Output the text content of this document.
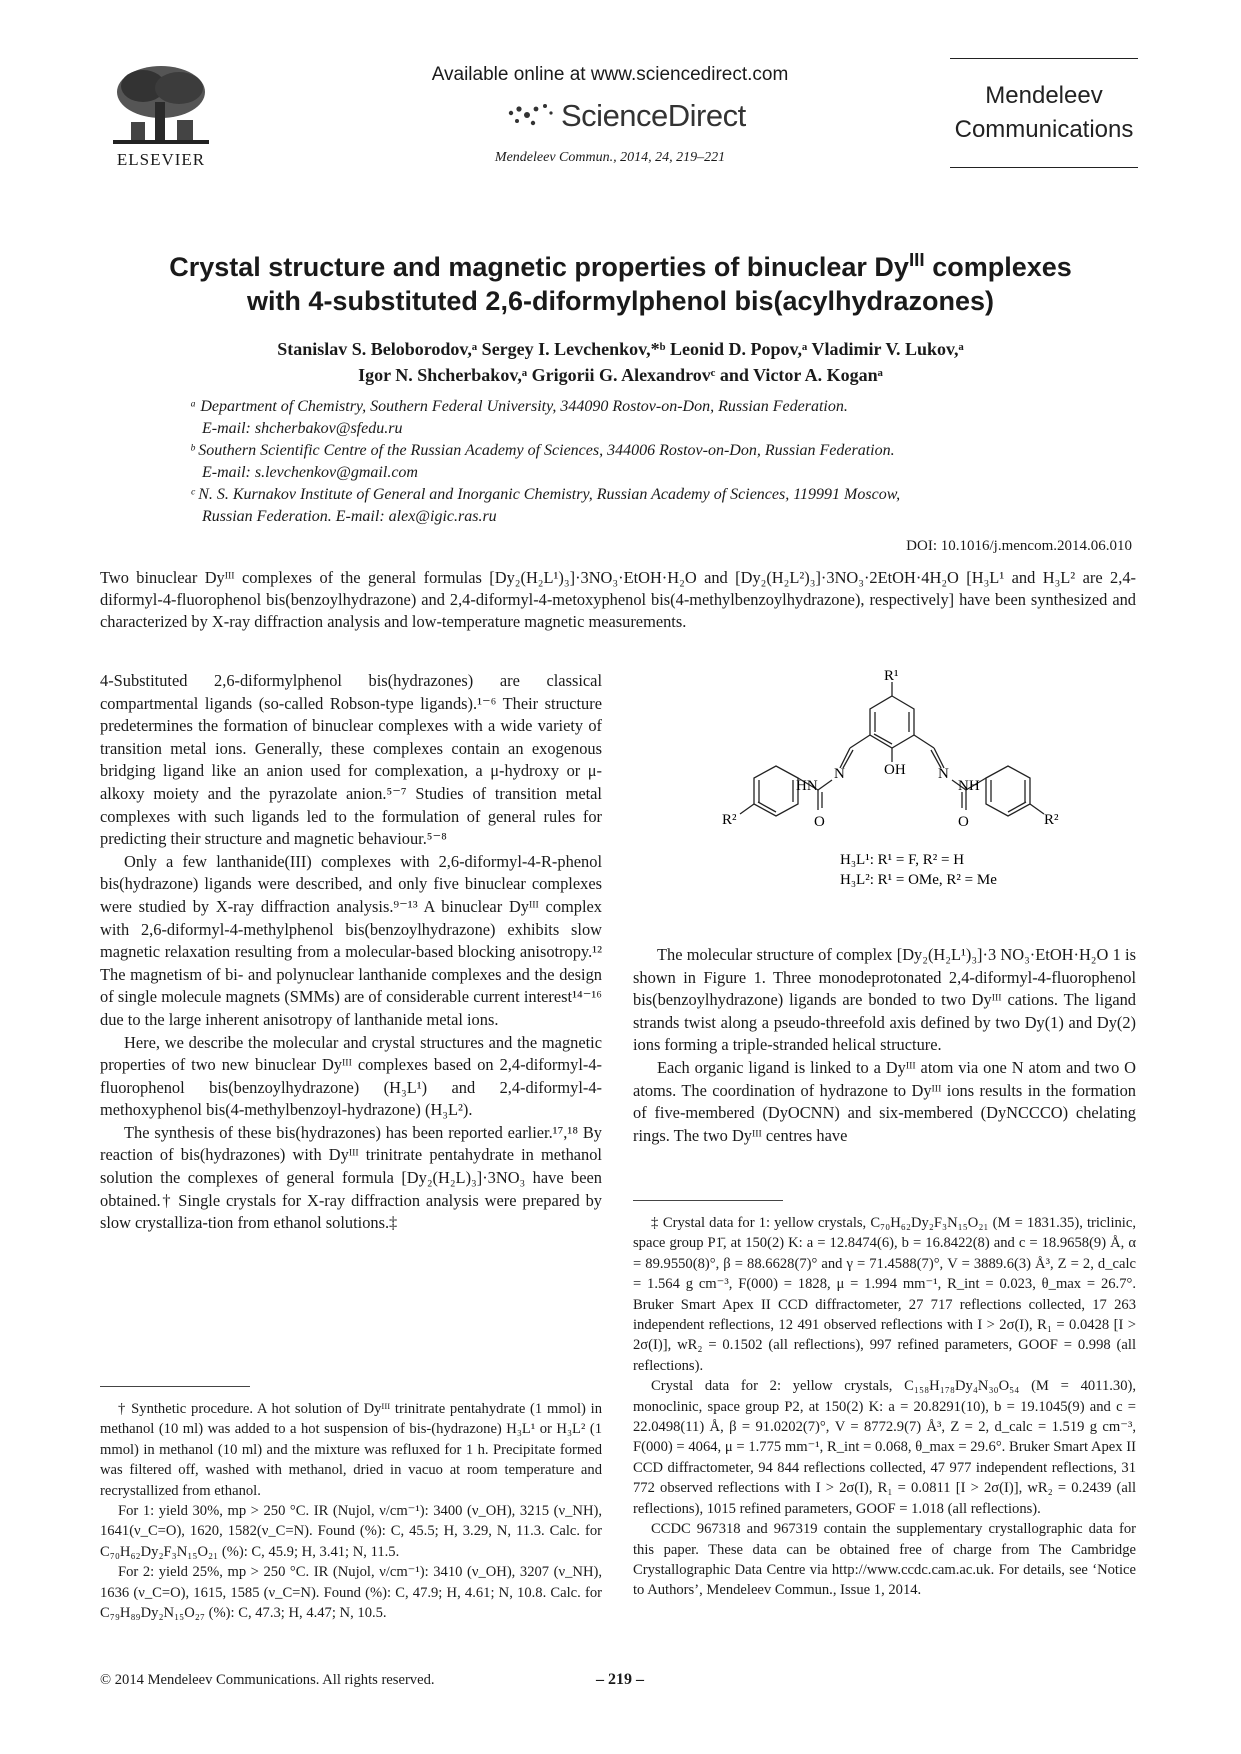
ELSEVIER
Available online at www.sciencedirect.com
ScienceDirect
Mendeleev Commun., 2014, 24, 219–221
Mendeleev
Communications
Crystal structure and magnetic properties of binuclear $Dy^{III}$ complexes
with 4-substituted 2,6-diformylphenol bis(acylhydrazones)
Stanislav S. Beloborodov,ᵃ Sergey I. Levchenkov,*ᵇ Leonid D. Popov,ᵃ Vladimir V. Lukov,ᵃ
Igor N. Shcherbakov,ᵃ Grigorii G. Alexandrovᶜ and Victor A. Koganᵃ

ᵃ Department of Chemistry, Southern Federal University, 344090 Rostov-on-Don, Russian Federation.

E-mail: shcherbakov@sfedu.ru

ᵇ Southern Scientific Centre of the Russian Academy of Sciences, 344006 Rostov-on-Don, Russian Federation.

E-mail: s.levchenkov@gmail.com

ᶜ N. S. Kurnakov Institute of General and Inorganic Chemistry, Russian Academy of Sciences, 119991 Moscow,

Russian Federation. E-mail: alex@igic.ras.ru

DOI: 10.1016/j.mencom.2014.06.010
Two binuclear Dyᴵᴵᴵ complexes of the general formulas [Dy₂(H₂L¹)₃]·3NO₃·EtOH·H₂O and [Dy₂(H₂L²)₃]·3NO₃·2EtOH·4H₂O [H₃L¹ and H₃L² are 2,4-diformyl-4-fluorophenol bis(benzoylhydrazone) and 2,4-diformyl-4-metoxyphenol bis(4-methylbenzoylhydrazone), respectively] have been synthesized and characterized by X-ray diffraction analysis and low-temperature magnetic measurements.

4-Substituted 2,6-diformylphenol bis(hydrazones) are classical compartmental ligands (so-called Robson-type ligands).¹⁻⁶ Their structure predetermines the formation of binuclear complexes with a wide variety of transition metal ions. Generally, these complexes contain an exogenous bridging ligand like an anion used for complexation, a μ-hydroxy or μ-alkoxy moiety and the pyrazolate anion.⁵⁻⁷ Studies of transition metal complexes with such ligands led to the formulation of general rules for predicting their structure and magnetic behaviour.⁵⁻⁸

Only a few lanthanide(III) complexes with 2,6-diformyl-4-R-phenol bis(hydrazone) ligands were described, and only five binuclear complexes were studied by X-ray diffraction analysis.⁹⁻¹³ A binuclear Dyᴵᴵᴵ complex with 2,6-diformyl-4-methylphenol bis(benzoylhydrazone) exhibits slow magnetic relaxation resulting from a molecular-based blocking anisotropy.¹² The magnetism of bi- and polynuclear lanthanide complexes and the design of single molecule magnets (SMMs) are of considerable current interest¹⁴⁻¹⁶ due to the large inherent anisotropy of lanthanide metal ions.

Here, we describe the molecular and crystal structures and the magnetic properties of two new binuclear Dyᴵᴵᴵ complexes based on 2,4-diformyl-4-fluorophenol bis(benzoylhydrazone) (H₃L¹) and 2,4-diformyl-4-methoxyphenol bis(4-methylbenzoyl-hydrazone) (H₃L²).

The synthesis of these bis(hydrazones) has been reported earlier.¹⁷,¹⁸ By reaction of bis(hydrazones) with Dyᴵᴵᴵ trinitrate pentahydrate in methanol solution the complexes of general formula [Dy₂(H₂L)₃]·3NO₃ have been obtained.† Single crystals for X-ray diffraction analysis were prepared by slow crystalliza-tion from ethanol solutions.‡

† Synthetic procedure. A hot solution of Dyᴵᴵᴵ trinitrate pentahydrate (1 mmol) in methanol (10 ml) was added to a hot suspension of bis-(hydrazone) H₃L¹ or H₃L² (1 mmol) in methanol (10 ml) and the mixture was refluxed for 1 h. Precipitate formed was filtered off, washed with methanol, dried in vacuo at room temperature and recrystallized from ethanol.

For 1: yield 30%, mp > 250 °C. IR (Nujol, ν/cm⁻¹): 3400 (ν_OH), 3215 (ν_NH), 1641(ν_C=O), 1620, 1582(ν_C=N). Found (%): C, 45.5; H, 3.29, N, 11.3. Calc. for C₇₀H₆₂Dy₂F₃N₁₅O₂₁ (%): C, 45.9; H, 3.41; N, 11.5.

For 2: yield 25%, mp > 250 °C. IR (Nujol, ν/cm⁻¹): 3410 (ν_OH), 3207 (ν_NH), 1636 (ν_C=O), 1615, 1585 (ν_C=N). Found (%): C, 47.9; H, 4.61; N, 10.8. Calc. for C₇₉H₈₉Dy₂N₁₅O₂₇ (%): C, 47.3; H, 4.47; N, 10.5.

R¹
OH
N	N
HN	NH
O	O
R²	R²
H₃L¹: R¹ = F, R² = H
H₃L²: R¹ = OMe, R² = Me

The molecular structure of complex [Dy₂(H₂L¹)₃]·3 NO₃·EtOH·H₂O 1 is shown in Figure 1. Three monodeprotonated 2,4-diformyl-4-fluorophenol bis(benzoylhydrazone) ligands are bonded to two Dyᴵᴵᴵ cations. The ligand strands twist along a pseudo-threefold axis defined by two Dy(1) and Dy(2) ions forming a triple-stranded helical structure.

Each organic ligand is linked to a Dyᴵᴵᴵ atom via one N atom and two O atoms. The coordination of hydrazone to Dyᴵᴵᴵ ions results in the formation of five-membered (DyOCNN) and six-membered (DyNCCCO) chelating rings. The two Dyᴵᴵᴵ centres have

‡ Crystal data for 1: yellow crystals, C₇₀H₆₂Dy₂F₃N₁₅O₂₁ (M = 1831.35), triclinic, space group P1̄, at 150(2) K: a = 12.8474(6), b = 16.8422(8) and c = 18.9658(9) Å, α = 89.9550(8)°, β = 88.6628(7)° and γ = 71.4588(7)°, V = 3889.6(3) Å³, Z = 2, d_calc = 1.564 g cm⁻³, F(000) = 1828, μ = 1.994 mm⁻¹, R_int = 0.023, θ_max = 26.7°. Bruker Smart Apex II CCD diffractometer, 27 717 reflections collected, 17 263 independent reflections, 12 491 observed reflections with I > 2σ(I), R₁ = 0.0428 [I > 2σ(I)], wR₂ = 0.1502 (all reflections), 997 refined parameters, GOOF = 0.998 (all reflections).

Crystal data for 2: yellow crystals, C₁₅₈H₁₇₈Dy₄N₃₀O₅₄ (M = 4011.30), monoclinic, space group P2, at 150(2) K: a = 20.8291(10), b = 19.1045(9) and c = 22.0498(11) Å, β = 91.0202(7)°, V = 8772.9(7) Å³, Z = 2, d_calc = 1.519 g cm⁻³, F(000) = 4064, μ = 1.775 mm⁻¹, R_int = 0.068, θ_max = 29.6°. Bruker Smart Apex II CCD diffractometer, 94 844 reflections collected, 47 977 independent reflections, 31 772 observed reflections with I > 2σ(I), R₁ = 0.0811 [I > 2σ(I)], wR₂ = 0.2439 (all reflections), 1015 refined parameters, GOOF = 1.018 (all reflections).

CCDC 967318 and 967319 contain the supplementary crystallographic data for this paper. These data can be obtained free of charge from The Cambridge Crystallographic Data Centre via http://www.ccdc.cam.ac.uk. For details, see ‘Notice to Authors’, Mendeleev Commun., Issue 1, 2014.

© 2014 Mendeleev Communications. All rights reserved.	– 219 –
